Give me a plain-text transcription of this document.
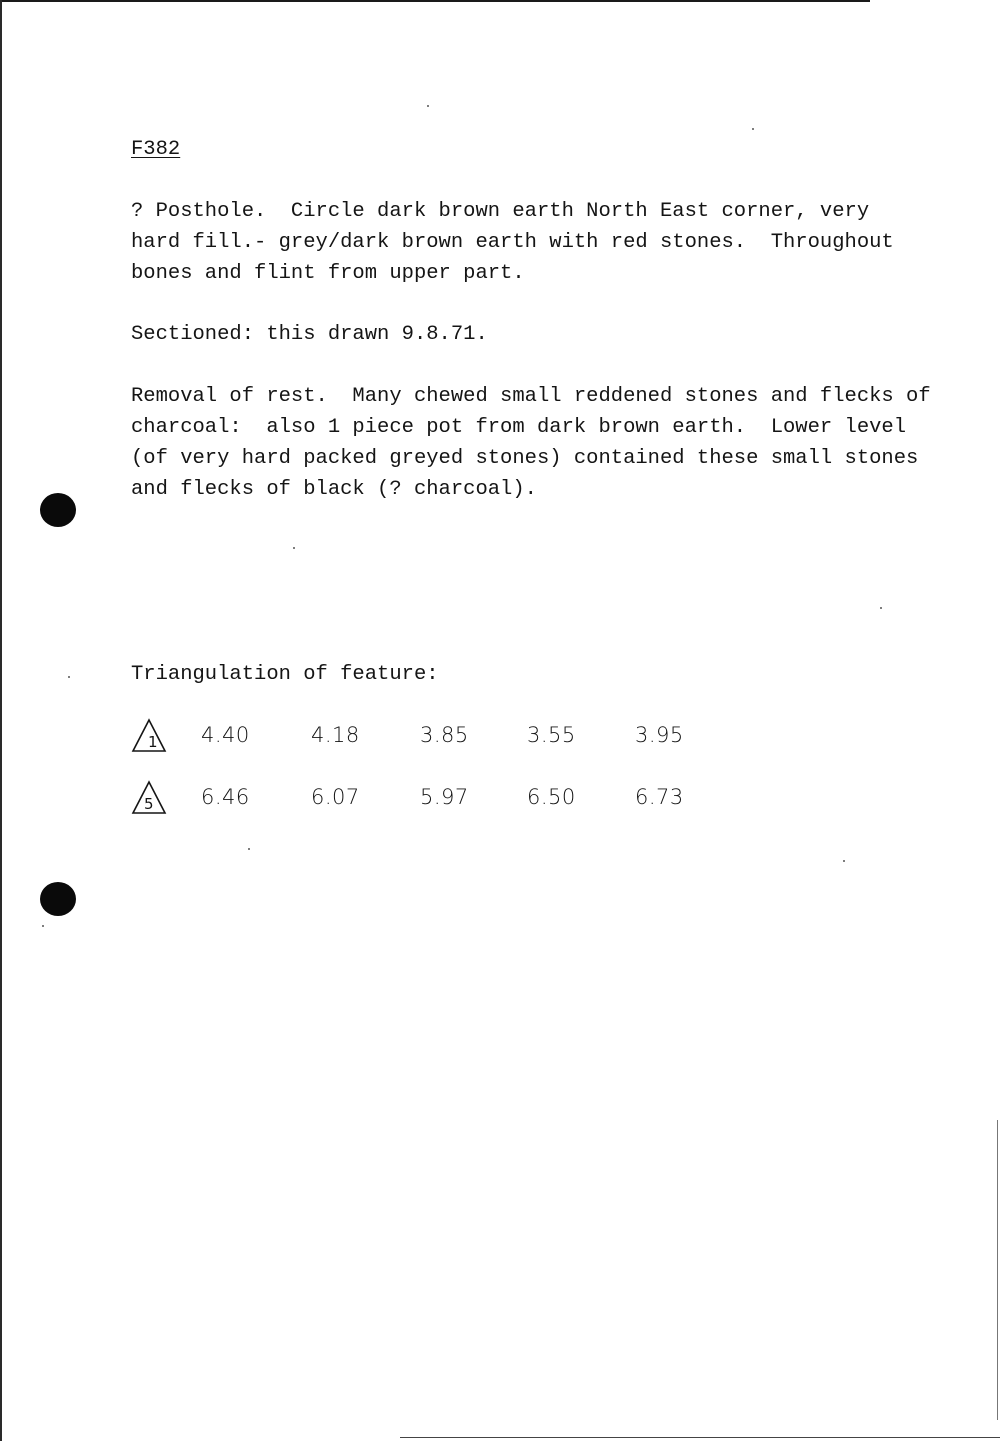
F382

? Posthole.  Circle dark brown earth North East corner, very
hard fill.- grey/dark brown earth with red stones.  Throughout
bones and flint from upper part.

Sectioned: this drawn 9.8.71.

Removal of rest.  Many chewed small reddened stones and flecks of
charcoal:  also 1 piece pot from dark brown earth.  Lower level
(of very hard packed greyed stones) contained these small stones
and flecks of black (? charcoal).

Triangulation of feature:

1 4.40	4.18	3.85	3.55	3.95
5 6.46	6.07	5.97	6.50	6.73
